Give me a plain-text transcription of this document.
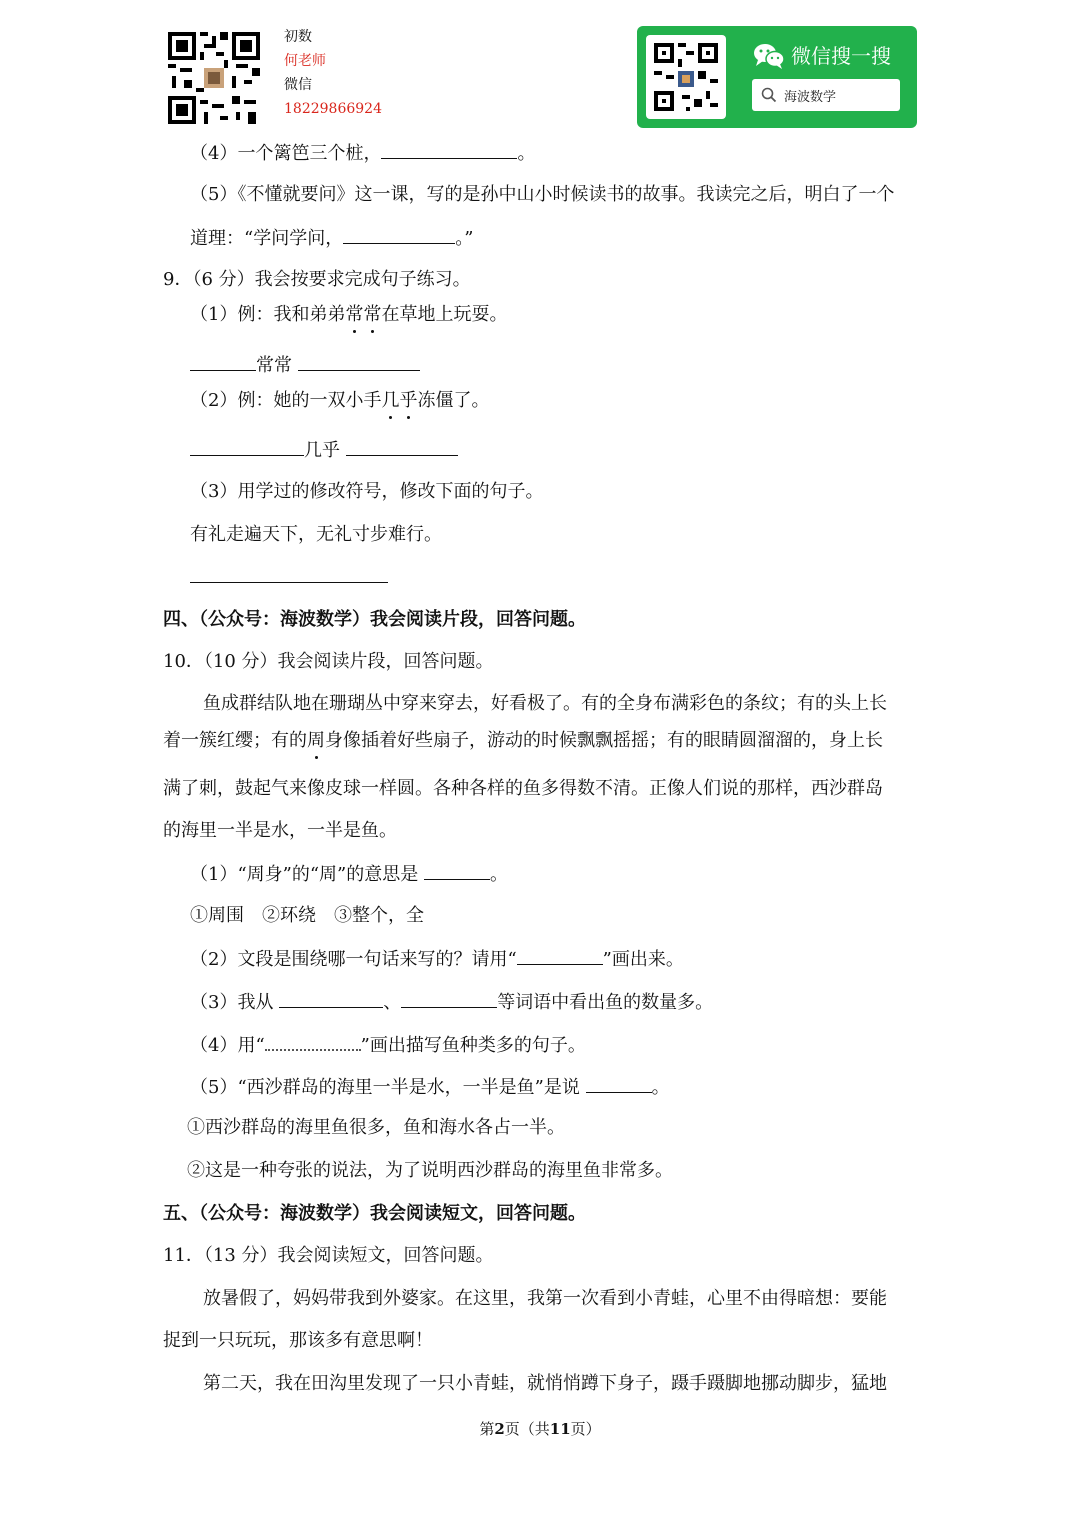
初数
何老师
微信
18229866924
微信搜一搜
海波数学
（4）一个篱笆三个桩，	。
（5）《不懂就要问》这一课，写的是孙中山小时候读书的故事。我读完之后，明白了一个
道理：“学问学问，	。”
9．（6 分）我会按要求完成句子练习。
（1）例：我和弟弟常常在草地上玩耍。
常常
（2）例：她的一双小手几乎冻僵了。
几乎
（3）用学过的修改符号，修改下面的句子。
有礼走遍天下，无礼寸步难行。
四、（公众号：海波数学）我会阅读片段，回答问题。
10．（10 分）我会阅读片段，回答问题。
鱼成群结队地在珊瑚丛中穿来穿去，好看极了。有的全身布满彩色的条纹；有的头上长
着一簇红缨；有的周身像插着好些扇子，游动的时候飘飘摇摇；有的眼睛圆溜溜的，身上长
满了刺，鼓起气来像皮球一样圆。各种各样的鱼多得数不清。正像人们说的那样，西沙群岛
的海里一半是水，一半是鱼。
（1）“周身”的“周”的意思是	。
①周围　②环绕　③整个，全
（2）文段是围绕哪一句话来写的？请用“	”画出来。
（3）我从	、	等词语中看出鱼的数量多。
（4）用“	”画出描写鱼种类多的句子。
（5）“西沙群岛的海里一半是水，一半是鱼”是说	。
①西沙群岛的海里鱼很多，鱼和海水各占一半。
②这是一种夸张的说法，为了说明西沙群岛的海里鱼非常多。
五、（公众号：海波数学）我会阅读短文，回答问题。
11．（13 分）我会阅读短文，回答问题。
放暑假了，妈妈带我到外婆家。在这里，我第一次看到小青蛙，心里不由得暗想：要能
捉到一只玩玩，那该多有意思啊！
第二天，我在田沟里发现了一只小青蛙，就悄悄蹲下身子，蹑手蹑脚地挪动脚步，猛地
第2页（共11页）
